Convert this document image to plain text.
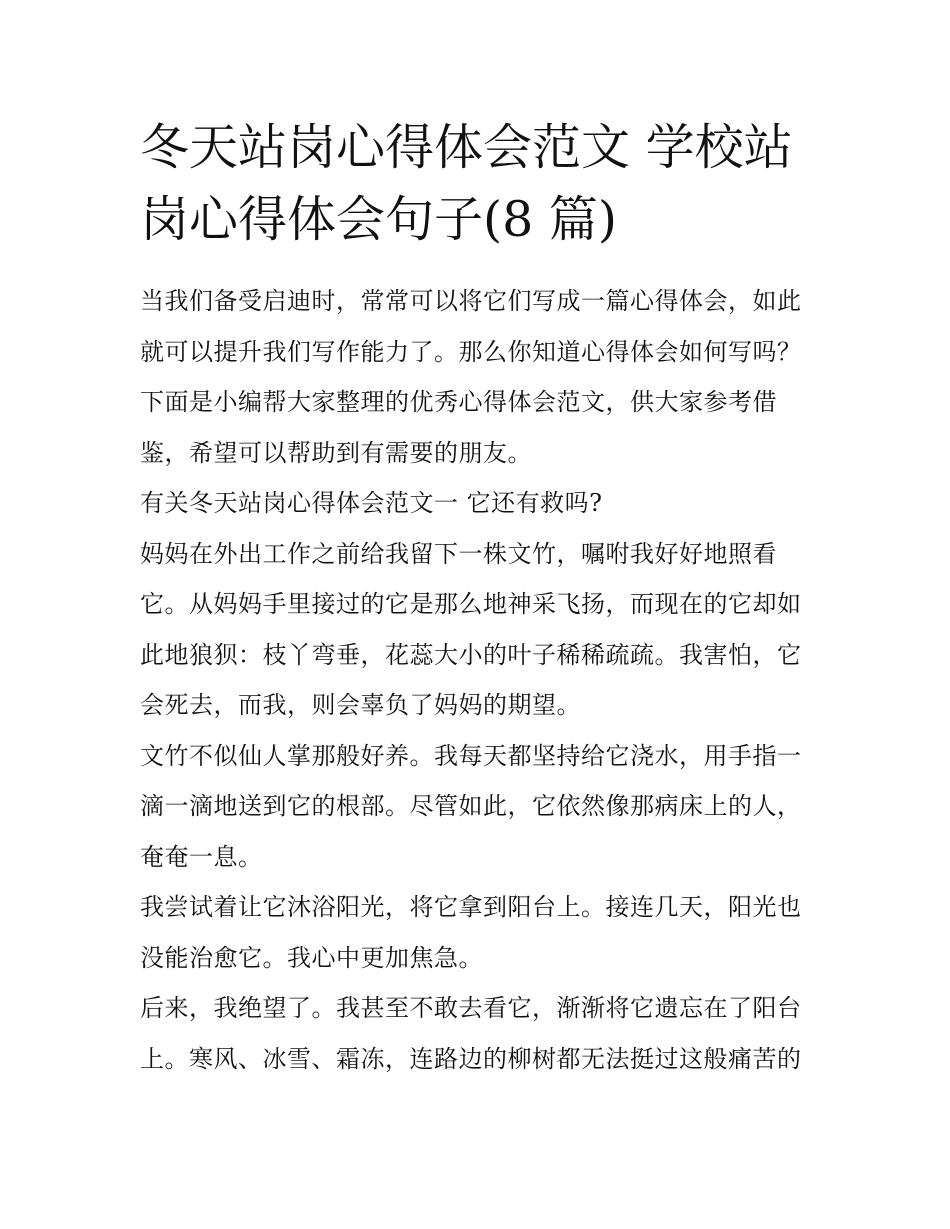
冬天站岗心得体会范文 学校站岗心得体会句子(8 篇)

当我们备受启迪时，常常可以将它们写成一篇心得体会，如此就可以提升我们写作能力了。那么你知道心得体会如何写吗？下面是小编帮大家整理的优秀心得体会范文，供大家参考借鉴，希望可以帮助到有需要的朋友。

有关冬天站岗心得体会范文一 它还有救吗?

妈妈在外出工作之前给我留下一株文竹，嘱咐我好好地照看它。从妈妈手里接过的它是那么地神采飞扬，而现在的它却如此地狼狈：枝丫弯垂，花蕊大小的叶子稀稀疏疏。我害怕，它会死去，而我，则会辜负了妈妈的期望。

文竹不似仙人掌那般好养。我每天都坚持给它浇水，用手指一滴一滴地送到它的根部。尽管如此，它依然像那病床上的人，奄奄一息。

我尝试着让它沐浴阳光，将它拿到阳台上。接连几天，阳光也没能治愈它。我心中更加焦急。

后来，我绝望了。我甚至不敢去看它，渐渐将它遗忘在了阳台上。寒风、冰雪、霜冻，连路边的柳树都无法挺过这般痛苦的
